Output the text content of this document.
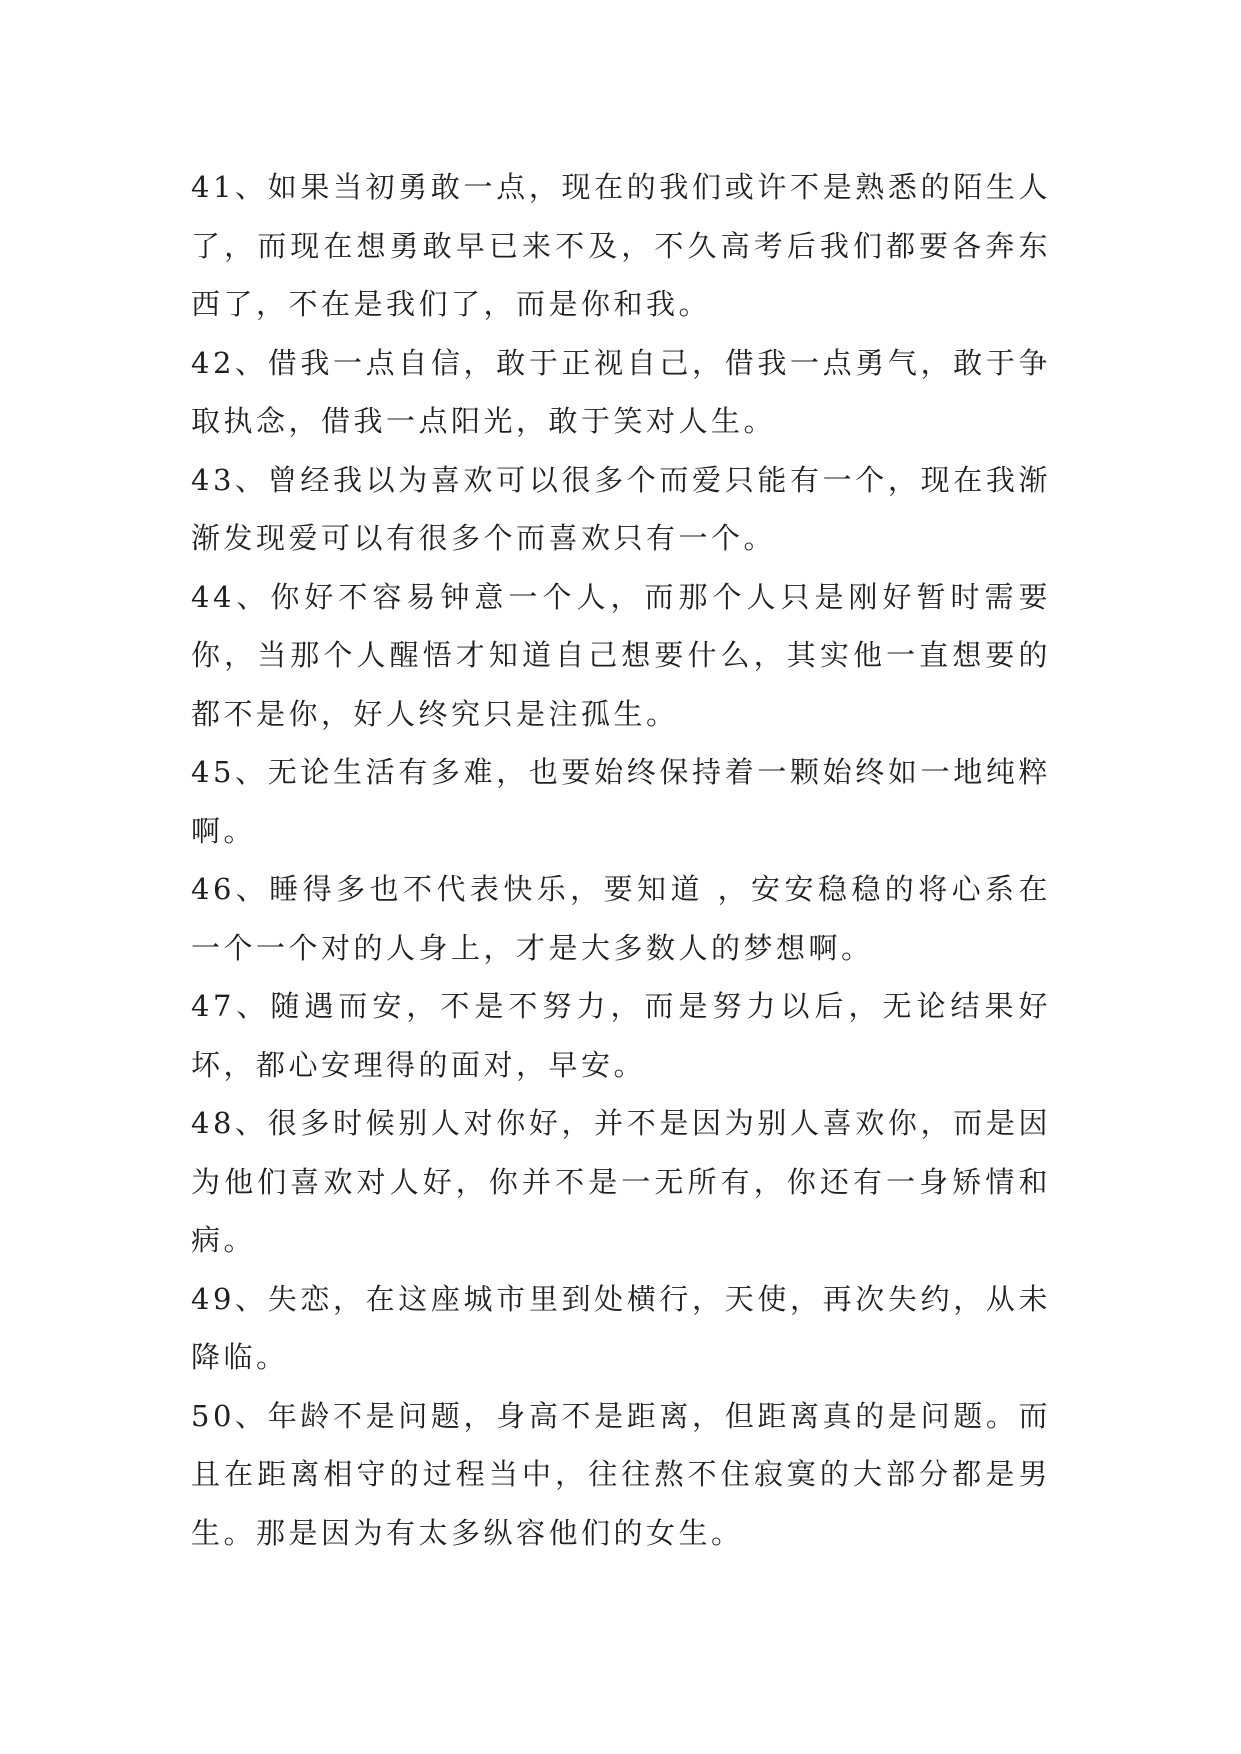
41、如果当初勇敢一点，现在的我们或许不是熟悉的陌生人了，而现在想勇敢早已来不及，不久高考后我们都要各奔东西了，不在是我们了，而是你和我。

42、借我一点自信，敢于正视自己，借我一点勇气，敢于争取执念，借我一点阳光，敢于笑对人生。

43、曾经我以为喜欢可以很多个而爱只能有一个，现在我渐渐发现爱可以有很多个而喜欢只有一个。

44、你好不容易钟意一个人，而那个人只是刚好暂时需要你，当那个人醒悟才知道自己想要什么，其实他一直想要的都不是你，好人终究只是注孤生。

45、无论生活有多难，也要始终保持着一颗始终如一地纯粹啊。

46、睡得多也不代表快乐，要知道 ，安安稳稳的将心系在一个一个对的人身上，才是大多数人的梦想啊。

47、随遇而安，不是不努力，而是努力以后，无论结果好坏，都心安理得的面对，早安。

48、很多时候别人对你好，并不是因为别人喜欢你，而是因为他们喜欢对人好，你并不是一无所有，你还有一身矫情和病。

49、失恋，在这座城市里到处横行，天使，再次失约，从未降临。

50、年龄不是问题，身高不是距离，但距离真的是问题。而且在距离相守的过程当中，往往熬不住寂寞的大部分都是男生。那是因为有太多纵容他们的女生。
